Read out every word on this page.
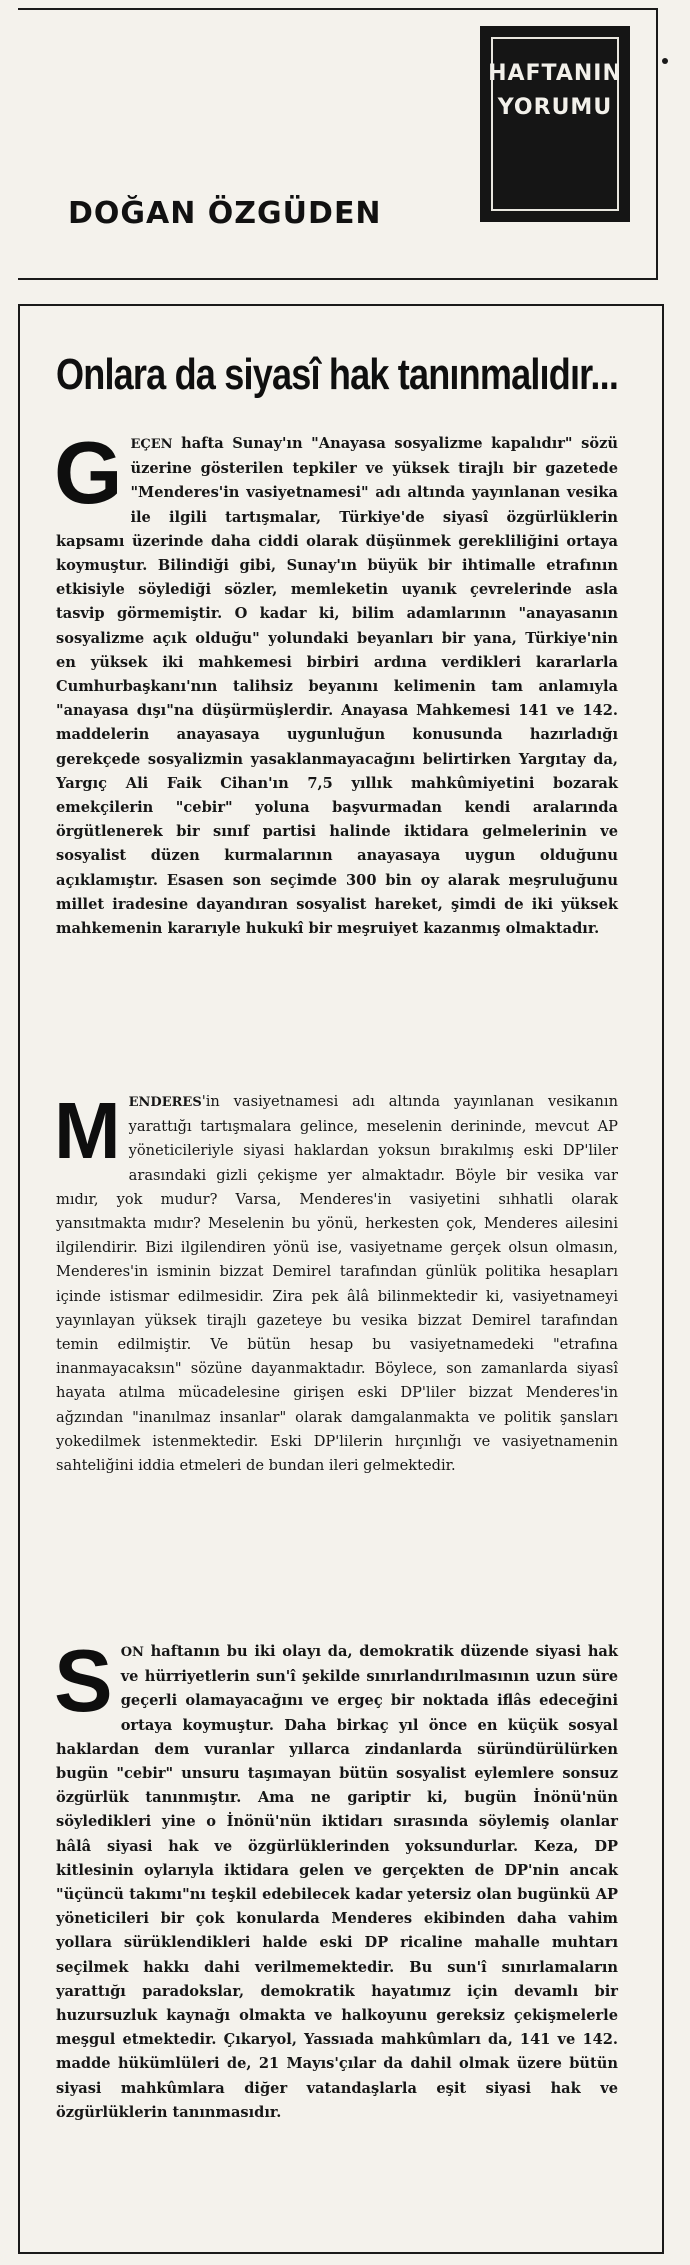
DOĞAN ÖZGÜDEN
HAFTANIN
YORUMU
Onlara da siyasî hak tanınmalıdır...

G EÇEN hafta Sunay'ın "Anayasa sosyalizme kapalıdır" sözü üzerine gösterilen tepkiler ve yüksek tirajlı bir gazetede "Menderes'in vasiyetnamesi" adı altında yayınlanan vesika ile ilgili tartışmalar, Türkiye'de siyasî özgürlüklerin kapsamı üzerinde daha ciddi olarak düşünmek gerekliliğini ortaya koymuştur. Bilindiği gibi, Sunay'ın büyük bir ihtimalle etrafının etkisiyle söylediği sözler, memleketin uyanık çevrelerinde asla tasvip görmemiştir. O kadar ki, bilim adamlarının "anayasanın sosyalizme açık olduğu" yolundaki beyanları bir yana, Türkiye'nin en yüksek iki mahkemesi birbiri ardına verdikleri kararlarla Cumhurbaşkanı'nın talihsiz beyanını kelimenin tam anlamıyla "anayasa dışı"na düşürmüşlerdir. Anayasa Mahkemesi 141 ve 142. maddelerin anayasaya uygunluğun konusunda hazırladığı gerekçede sosyalizmin yasaklanmayacağını belirtirken Yargıtay da, Yargıç Ali Faik Cihan'ın 7,5 yıllık mahkûmiyetini bozarak emekçilerin "cebir" yoluna başvurmadan kendi aralarında örgütlenerek bir sınıf partisi halinde iktidara gelmelerinin ve sosyalist düzen kurmalarının anayasaya uygun olduğunu açıklamıştır. Esasen son seçimde 300 bin oy alarak meşruluğunu millet iradesine dayandıran sosyalist hareket, şimdi de iki yüksek mahkemenin kararıyle hukukî bir meşruiyet kazanmış olmaktadır.

M ENDERES'in vasiyetnamesi adı altında yayınlanan vesikanın yarattığı tartışmalara gelince, meselenin derininde, mevcut AP yöneticileriyle siyasi haklardan yoksun bırakılmış eski DP'liler arasındaki gizli çekişme yer almaktadır. Böyle bir vesika var mıdır, yok mudur? Varsa, Menderes'in vasiyetini sıhhatli olarak yansıtmakta mıdır? Meselenin bu yönü, herkesten çok, Menderes ailesini ilgilendirir. Bizi ilgilendiren yönü ise, vasiyetname gerçek olsun olmasın, Menderes'in isminin bizzat Demirel tarafından günlük politika hesapları içinde istismar edilmesidir. Zira pek âlâ bilinmektedir ki, vasiyetnameyi yayınlayan yüksek tirajlı gazeteye bu vesika bizzat Demirel tarafından temin edilmiştir. Ve bütün hesap bu vasiyetnamedeki "etrafına inanmayacaksın" sözüne dayanmaktadır. Böylece, son zamanlarda siyasî hayata atılma mücadelesine girişen eski DP'liler bizzat Menderes'in ağzından "inanılmaz insanlar" olarak damgalanmakta ve politik şansları yokedilmek istenmektedir. Eski DP'lilerin hırçınlığı ve vasiyetnamenin sahteliğini iddia etmeleri de bundan ileri gelmektedir.

S ON haftanın bu iki olayı da, demokratik düzende siyasi hak ve hürriyetlerin sun'î şekilde sınırlandırılmasının uzun süre geçerli olamayacağını ve ergeç bir noktada iflâs edeceğini ortaya koymuştur. Daha birkaç yıl önce en küçük sosyal haklardan dem vuranlar yıllarca zindanlarda süründürülürken bugün "cebir" unsuru taşımayan bütün sosyalist eylemlere sonsuz özgürlük tanınmıştır. Ama ne gariptir ki, bugün İnönü'nün söyledikleri yine o İnönü'nün iktidarı sırasında söylemiş olanlar hâlâ siyasi hak ve özgürlüklerinden yoksundurlar. Keza, DP kitlesinin oylarıyla iktidara gelen ve gerçekten de DP'nin ancak "üçüncü takımı"nı teşkil edebilecek kadar yetersiz olan bugünkü AP yöneticileri bir çok konularda Menderes ekibinden daha vahim yollara sürüklendikleri halde eski DP ricaline mahalle muhtarı seçilmek hakkı dahi verilmemektedir. Bu sun'î sınırlamaların yarattığı paradokslar, demokratik hayatımız için devamlı bir huzursuzluk kaynağı olmakta ve halkoyunu gereksiz çekişmelerle meşgul etmektedir. Çıkaryol, Yassıada mahkûmları da, 141 ve 142. madde hükümlüleri de, 21 Mayıs'çılar da dahil olmak üzere bütün siyasi mahkûmlara diğer vatandaşlarla eşit siyasi hak ve özgürlüklerin tanınmasıdır.
